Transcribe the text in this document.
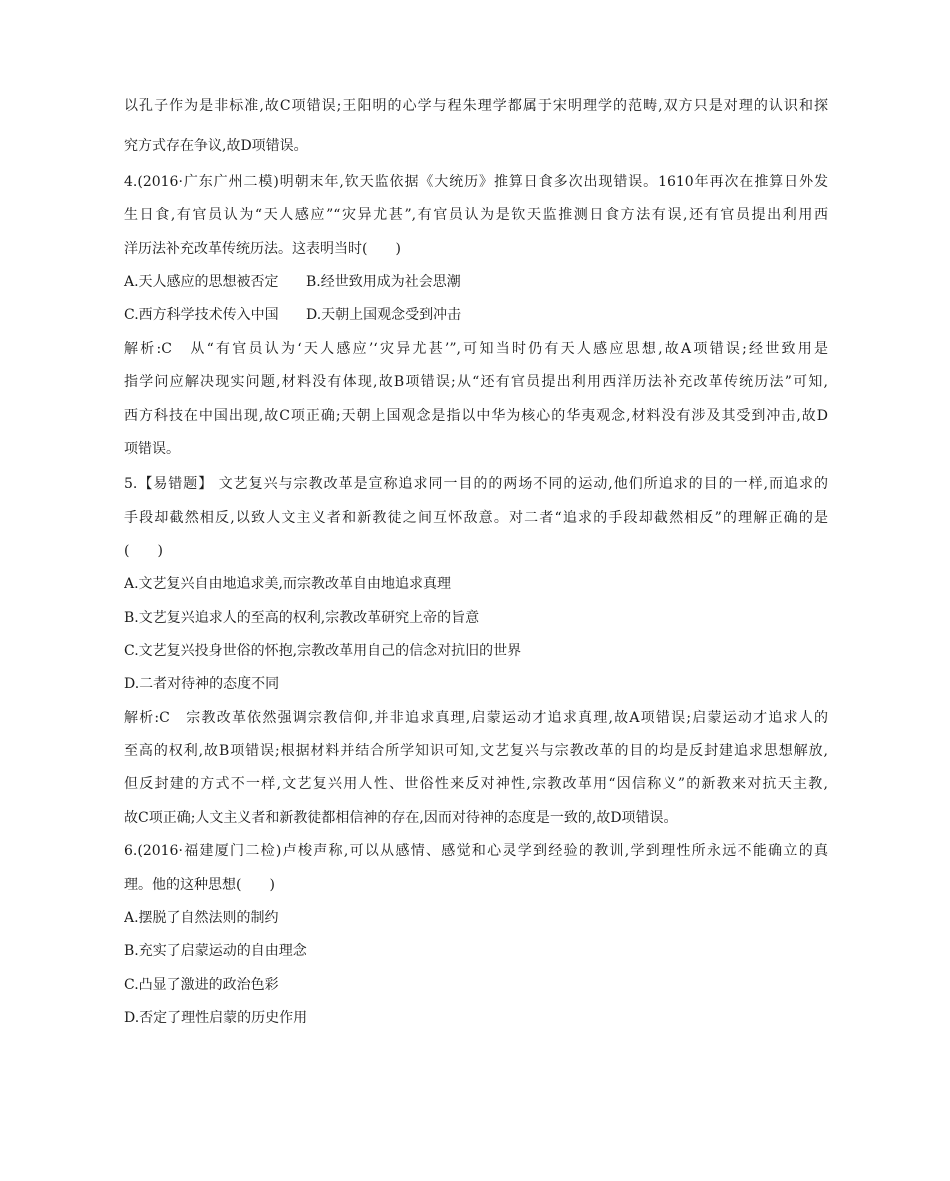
以孔子作为是非标准,故C项错误;王阳明的心学与程朱理学都属于宋明理学的范畴,双方只是对理的认识和探
究方式存在争议,故D项错误。
4.(2016·广东广州二模)明朝末年,钦天监依据《大统历》推算日食多次出现错误。1610年再次在推算日外发
生日食,有官员认为“天人感应”“灾异尤甚”,有官员认为是钦天监推测日食方法有误,还有官员提出利用西
洋历法补充改革传统历法。这表明当时(　　)
A.天人感应的思想被否定 B.经世致用成为社会思潮
C.西方科学技术传入中国 D.天朝上国观念受到冲击
解析:C　从“有官员认为‘天人感应’‘灾异尤甚’”,可知当时仍有天人感应思想,故A项错误;经世致用是
指学问应解决现实问题,材料没有体现,故B项错误;从“还有官员提出利用西洋历法补充改革传统历法”可知,
西方科技在中国出现,故C项正确;天朝上国观念是指以中华为核心的华夷观念,材料没有涉及其受到冲击,故D
项错误。
5.【易错题】 文艺复兴与宗教改革是宣称追求同一目的的两场不同的运动,他们所追求的目的一样,而追求的
手段却截然相反,以致人文主义者和新教徒之间互怀敌意。对二者“追求的手段却截然相反”的理解正确的是
(　　)
A.文艺复兴自由地追求美,而宗教改革自由地追求真理
B.文艺复兴追求人的至高的权利,宗教改革研究上帝的旨意
C.文艺复兴投身世俗的怀抱,宗教改革用自己的信念对抗旧的世界
D.二者对待神的态度不同
解析:C　宗教改革依然强调宗教信仰,并非追求真理,启蒙运动才追求真理,故A项错误;启蒙运动才追求人的
至高的权利,故B项错误;根据材料并结合所学知识可知,文艺复兴与宗教改革的目的均是反封建追求思想解放,
但反封建的方式不一样,文艺复兴用人性、世俗性来反对神性,宗教改革用“因信称义”的新教来对抗天主教,
故C项正确;人文主义者和新教徒都相信神的存在,因而对待神的态度是一致的,故D项错误。
6.(2016·福建厦门二检)卢梭声称,可以从感情、感觉和心灵学到经验的教训,学到理性所永远不能确立的真
理。他的这种思想(　　)
A.摆脱了自然法则的制约
B.充实了启蒙运动的自由理念
C.凸显了激进的政治色彩
D.否定了理性启蒙的历史作用
